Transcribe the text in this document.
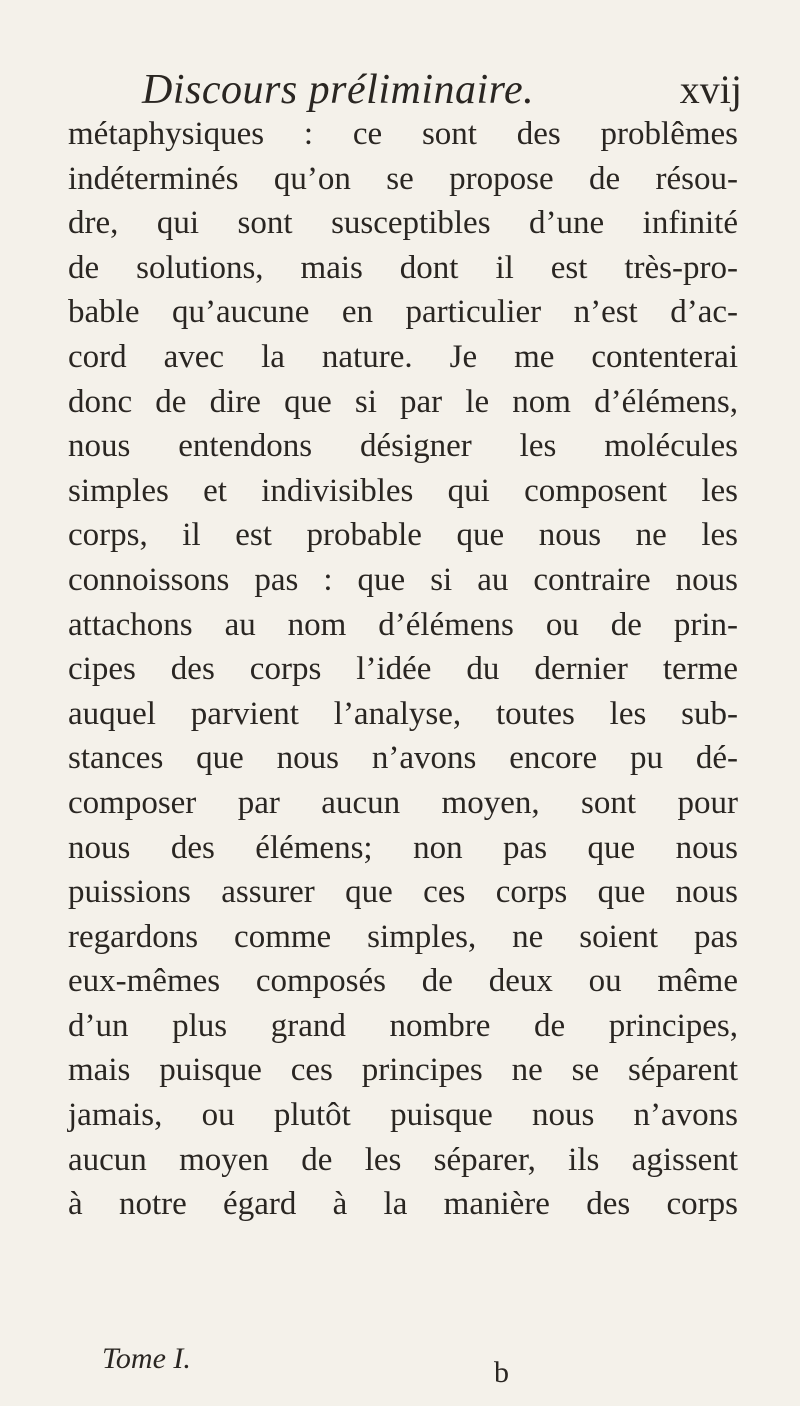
Discours préliminaire.	xvij
métaphysiques : ce sont des problêmes
indéterminés qu’on se propose de résou-
dre, qui sont susceptibles d’une infinité
de solutions, mais dont il est très-pro-
bable qu’aucune en particulier n’est d’ac-
cord avec la nature. Je me contenterai
donc de dire que si par le nom d’élémens,
nous entendons désigner les molécules
simples et indivisibles qui composent les
corps, il est probable que nous ne les
connoissons pas : que si au contraire nous
attachons au nom d’élémens ou de prin-
cipes des corps l’idée du dernier terme
auquel parvient l’analyse, toutes les sub-
stances que nous n’avons encore pu dé-
composer par aucun moyen, sont pour
nous des élémens; non pas que nous
puissions assurer que ces corps que nous
regardons comme simples, ne soient pas
eux-mêmes composés de deux ou même
d’un plus grand nombre de principes,
mais puisque ces principes ne se séparent
jamais, ou plutôt puisque nous n’avons
aucun moyen de les séparer, ils agissent
à notre égard à la manière des corps
Tome I.	b
